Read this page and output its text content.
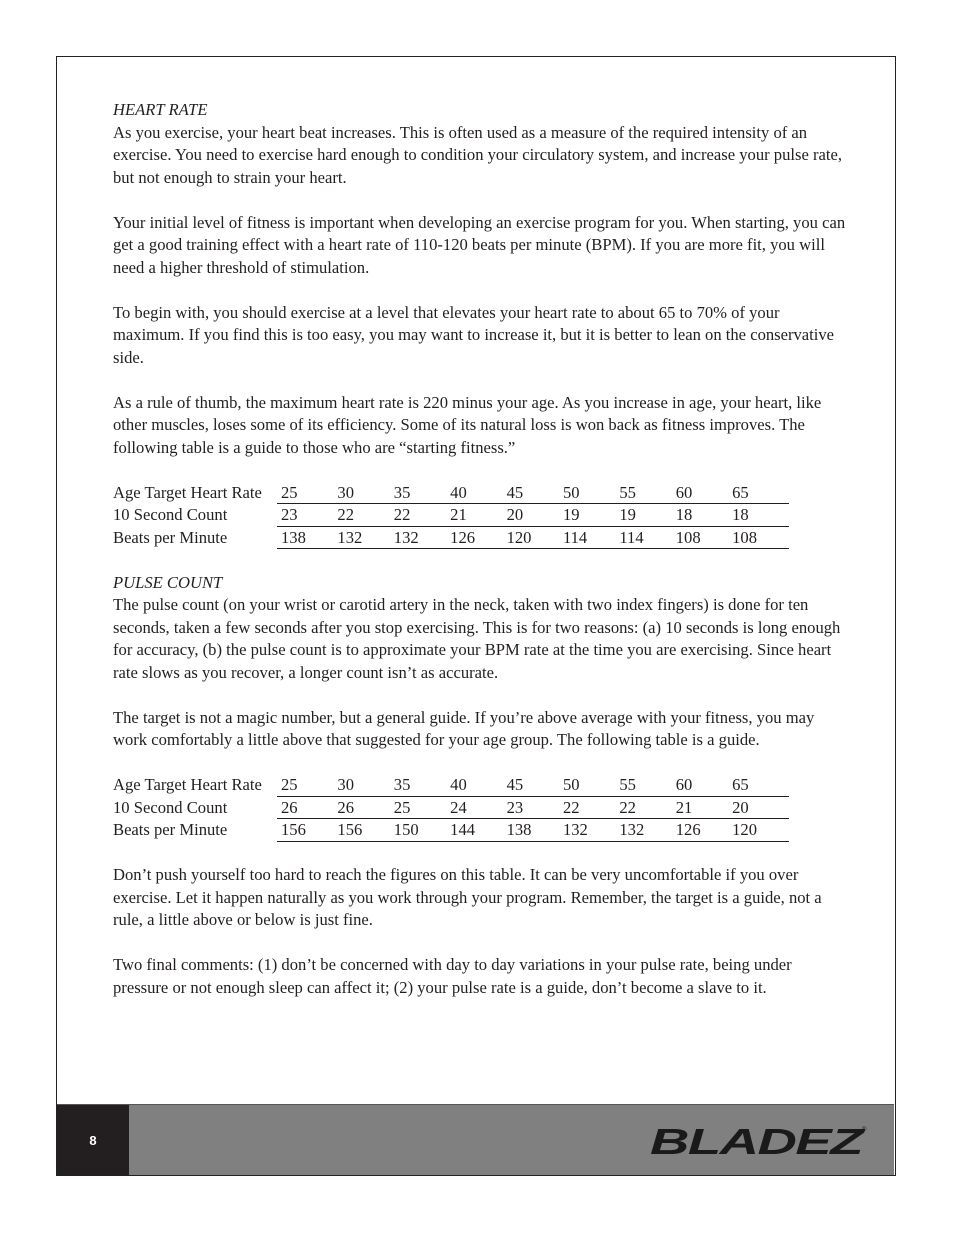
HEART RATE

As you exercise, your heart beat increases. This is often used as a measure of the required intensity of an exercise. You need to exercise hard enough to condition your circulatory system, and increase your pulse rate, but not enough to strain your heart.

Your initial level of fitness is important when developing an exercise program for you. When starting, you can get a good training effect with a heart rate of 110-120 beats per minute (BPM). If you are more fit, you will need a higher threshold of stimulation.

To begin with, you should exercise at a level that elevates your heart rate to about 65 to 70% of your maximum. If you find this is too easy, you may want to increase it, but it is better to lean on the conservative side.

As a rule of thumb, the maximum heart rate is 220 minus your age. As you increase in age, your heart, like other muscles, loses some of its efficiency. Some of its natural loss is won back as fitness improves. The following table is a guide to those who are “starting fitness.”

Age Target Heart Rate	25	30	35	40	45	50	55	60	65
10 Second Count	23	22	22	21	20	19	19	18	18
Beats per Minute	138	132	132	126	120	114	114	108	108
PULSE COUNT

The pulse count (on your wrist or carotid artery in the neck, taken with two index fingers) is done for ten seconds, taken a few seconds after you stop exercising. This is for two reasons: (a) 10 seconds is long enough for accuracy, (b) the pulse count is to approximate your BPM rate at the time you are exercising. Since heart rate slows as you recover, a longer count isn’t as accurate.

The target is not a magic number, but a general guide. If you’re above average with your fitness, you may work comfortably a little above that suggested for your age group. The following table is a guide.

Age Target Heart Rate	25	30	35	40	45	50	55	60	65
10 Second Count	26	26	25	24	23	22	22	21	20
Beats per Minute	156	156	150	144	138	132	132	126	120

Don’t push yourself too hard to reach the figures on this table. It can be very uncomfortable if you over exercise. Let it happen naturally as you work through your program. Remember, the target is a guide, not a rule, a little above or below is just fine.

Two final comments: (1) don’t be concerned with day to day variations in your pulse rate, being under pressure or not enough sleep can affect it; (2) your pulse rate is a guide, don’t become a slave to it.

8	BLADEZ
®
